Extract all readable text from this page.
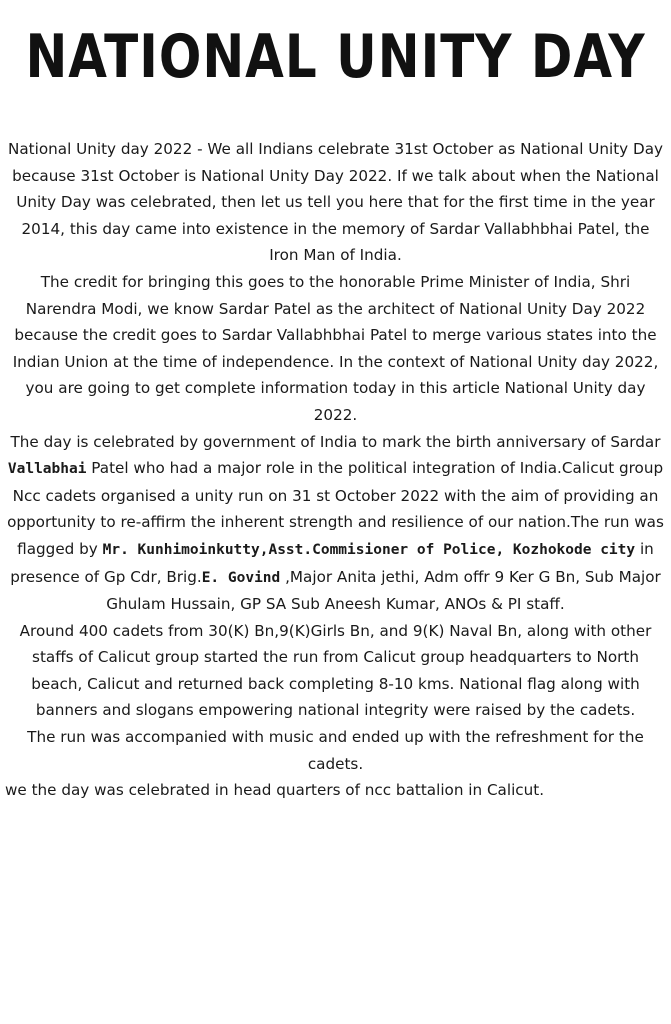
NATIONAL UNITY DAY

National Unity day 2022 - We all Indians celebrate 31st October as National Unity Day because 31st October is National Unity Day 2022. If we talk about when the National Unity Day was celebrated, then let us tell you here that for the first time in the year 2014, this day came into existence in the memory of Sardar Vallabhbhai Patel, the Iron Man of India.

The credit for bringing this goes to the honorable Prime Minister of India, Shri Narendra Modi, we know Sardar Patel as the architect of National Unity Day 2022 because the credit goes to Sardar Vallabhbhai Patel to merge various states into the Indian Union at the time of independence. In the context of National Unity day 2022, you are going to get complete information today in this article National Unity day 2022.

The day is celebrated by government of India to mark the birth anniversary of Sardar Vallabhai Patel who had a major role in the political integration of India.Calicut group Ncc cadets organised a unity run on 31 st October 2022 with the aim of providing an opportunity to re-affirm the inherent strength and resilience of our nation.The run was flagged by Mr. Kunhimoinkutty,Asst.Commisioner of Police, Kozhokode city in presence of Gp Cdr, Brig.E. Govind ,Major Anita jethi, Adm offr 9 Ker G Bn, Sub Major Ghulam Hussain, GP SA Sub Aneesh Kumar, ANOs & PI staff.

Around 400 cadets from 30(K) Bn,9(K)Girls Bn, and 9(K) Naval Bn, along with other staffs of Calicut group started the run from Calicut group headquarters to North beach, Calicut and returned back completing 8-10 kms. National flag along with banners and slogans empowering national integrity were raised by the cadets.

The run was accompanied with music and ended up with the refreshment for the cadets.

we the day was celebrated in head quarters of ncc battalion in Calicut.
